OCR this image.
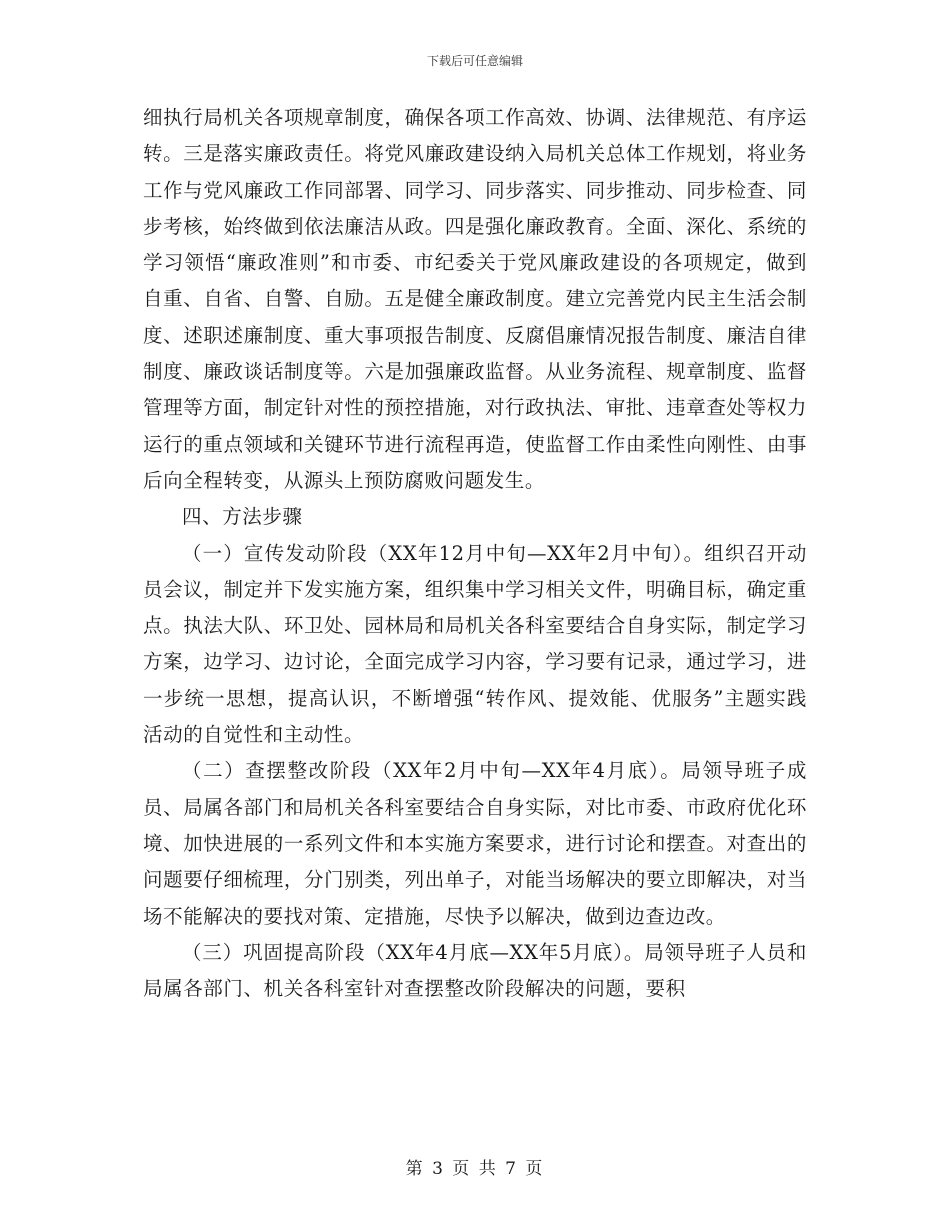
下载后可任意编辑

细执行局机关各项规章制度，确保各项工作高效、协调、法律规范、有序运转。三是落实廉政责任。将党风廉政建设纳入局机关总体工作规划，将业务工作与党风廉政工作同部署、同学习、同步落实、同步推动、同步检查、同步考核，始终做到依法廉洁从政。四是强化廉政教育。全面、深化、系统的学习领悟“廉政准则”和市委、市纪委关于党风廉政建设的各项规定，做到自重、自省、自警、自励。五是健全廉政制度。建立完善党内民主生活会制度、述职述廉制度、重大事项报告制度、反腐倡廉情况报告制度、廉洁自律制度、廉政谈话制度等。六是加强廉政监督。从业务流程、规章制度、监督管理等方面，制定针对性的预控措施，对行政执法、审批、违章查处等权力运行的重点领域和关键环节进行流程再造，使监督工作由柔性向刚性、由事后向全程转变，从源头上预防腐败问题发生。

四、方法步骤

（一）宣传发动阶段（XX年12月中旬—XX年2月中旬）。组织召开动员会议，制定并下发实施方案，组织集中学习相关文件，明确目标，确定重点。执法大队、环卫处、园林局和局机关各科室要结合自身实际，制定学习方案，边学习、边讨论，全面完成学习内容，学习要有记录，通过学习，进一步统一思想，提高认识，不断增强“转作风、提效能、优服务”主题实践活动的自觉性和主动性。

（二）查摆整改阶段（XX年2月中旬—XX年4月底）。局领导班子成员、局属各部门和局机关各科室要结合自身实际，对比市委、市政府优化环境、加快进展的一系列文件和本实施方案要求，进行讨论和摆查。对查出的问题要仔细梳理，分门别类，列出单子，对能当场解决的要立即解决，对当场不能解决的要找对策、定措施，尽快予以解决，做到边查边改。

（三）巩固提高阶段（XX年4月底—XX年5月底）。局领导班子人员和局属各部门、机关各科室针对查摆整改阶段解决的问题，要积

第 3 页 共 7 页
